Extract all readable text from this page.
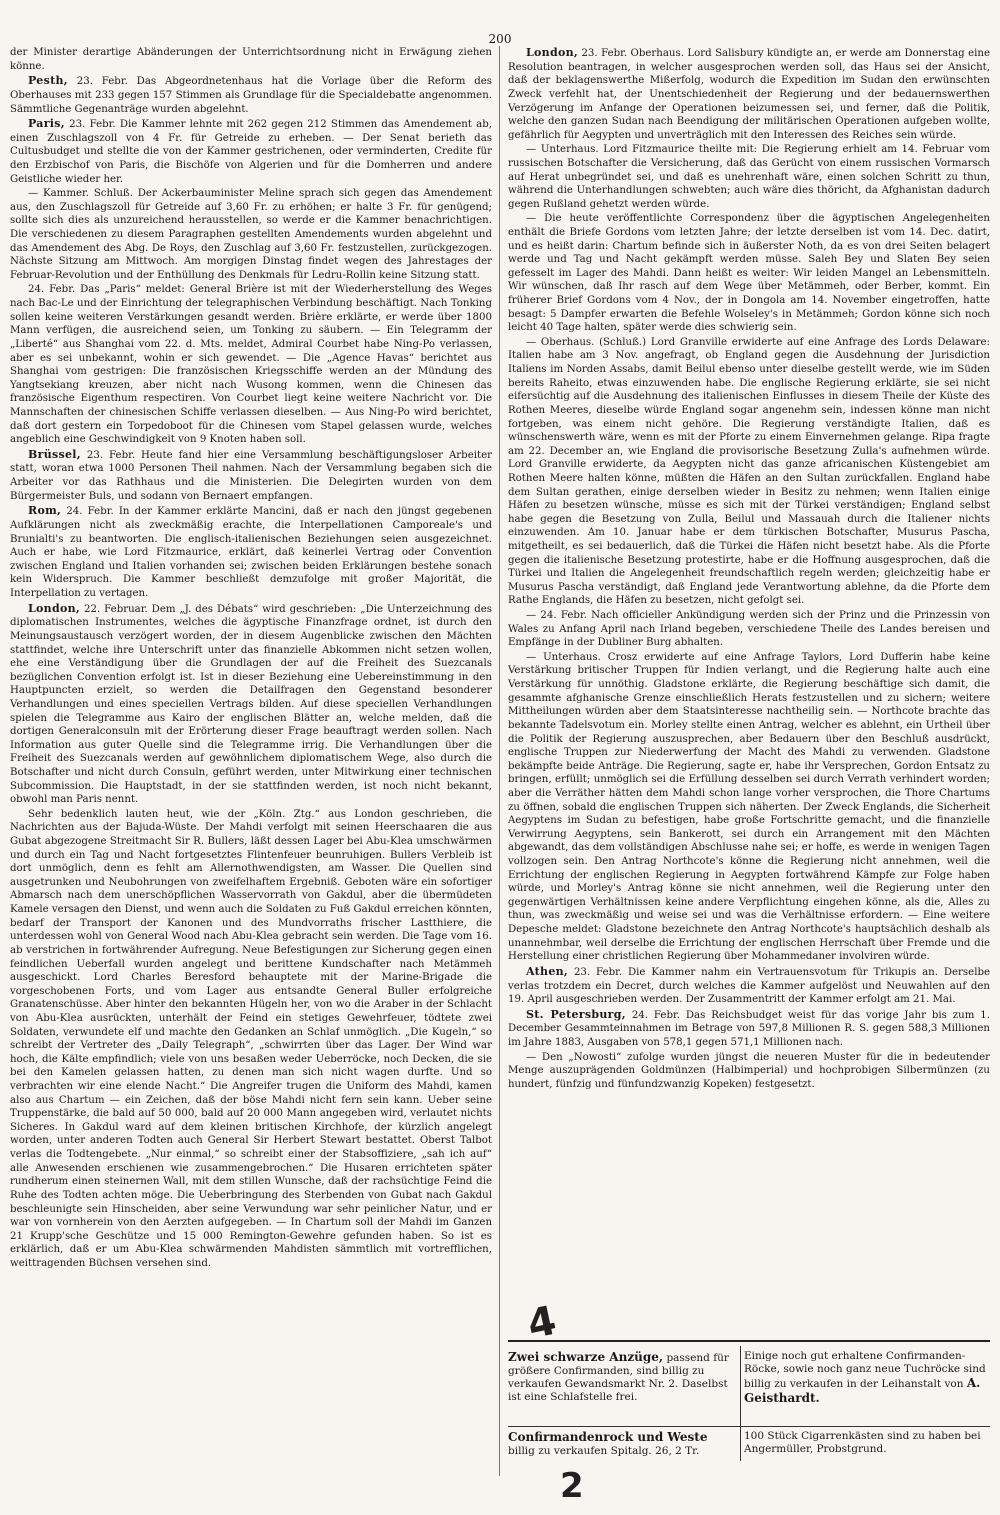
200

der Minister derartige Abänderungen der Unterrichtsordnung nicht in Erwägung ziehen könne.

Pesth, 23. Febr. Das Abgeordnetenhaus hat die Vorlage über die Reform des Oberhauses mit 233 gegen 157 Stimmen als Grundlage für die Specialdebatte angenommen. Sämmtliche Gegenanträge wurden abgelehnt.

Paris, 23. Febr. Die Kammer lehnte mit 262 gegen 212 Stimmen das Amendement ab, einen Zuschlagszoll von 4 Fr. für Getreide zu erheben. — Der Senat berieth das Cultusbudget und stellte die von der Kammer gestrichenen, oder verminderten, Credite für den Erzbischof von Paris, die Bischöfe von Algerien und für die Domherren und andere Geistliche wieder her.

— Kammer. Schluß. Der Ackerbauminister Meline sprach sich gegen das Amendement aus, den Zuschlagszoll für Getreide auf 3,60 Fr. zu erhöhen; er halte 3 Fr. für genügend; sollte sich dies als unzureichend herausstellen, so werde er die Kammer benachrichtigen. Die verschiedenen zu diesem Paragraphen gestellten Amendements wurden abgelehnt und das Amendement des Abg. De Roys, den Zuschlag auf 3,60 Fr. festzustellen, zurückgezogen. Nächste Sitzung am Mittwoch. Am morgigen Dinstag findet wegen des Jahrestages der Februar-Revolution und der Enthüllung des Denkmals für Ledru-Rollin keine Sitzung statt.

24. Febr. Das „Paris“ meldet: General Brière ist mit der Wiederherstellung des Weges nach Bac-Le und der Einrichtung der telegraphischen Verbindung beschäftigt. Nach Tonking sollen keine weiteren Verstärkungen gesandt werden. Brière erklärte, er werde über 1800 Mann verfügen, die ausreichend seien, um Tonking zu säubern. — Ein Telegramm der „Liberté“ aus Shanghai vom 22. d. Mts. meldet, Admiral Courbet habe Ning-Po verlassen, aber es sei unbekannt, wohin er sich gewendet. — Die „Agence Havas“ berichtet aus Shanghai vom gestrigen: Die französischen Kriegsschiffe werden an der Mündung des Yangtsekiang kreuzen, aber nicht nach Wusong kommen, wenn die Chinesen das französische Eigenthum respectiren. Von Courbet liegt keine weitere Nachricht vor. Die Mannschaften der chinesischen Schiffe verlassen dieselben. — Aus Ning-Po wird berichtet, daß dort gestern ein Torpedoboot für die Chinesen vom Stapel gelassen wurde, welches angeblich eine Geschwindigkeit von 9 Knoten haben soll.

Brüssel, 23. Febr. Heute fand hier eine Versammlung beschäftigungsloser Arbeiter statt, woran etwa 1000 Personen Theil nahmen. Nach der Versammlung begaben sich die Arbeiter vor das Rathhaus und die Ministerien. Die Delegirten wurden von dem Bürgermeister Buls, und sodann von Bernaert empfangen.

Rom, 24. Febr. In der Kammer erklärte Mancini, daß er nach den jüngst gegebenen Aufklärungen nicht als zweckmäßig erachte, die Interpellationen Camporeale's und Brunialti's zu beantworten. Die englisch-italienischen Beziehungen seien ausgezeichnet. Auch er habe, wie Lord Fitzmaurice, erklärt, daß keinerlei Vertrag oder Convention zwischen England und Italien vorhanden sei; zwischen beiden Erklärungen bestehe sonach kein Widerspruch. Die Kammer beschließt demzufolge mit großer Majorität, die Interpellation zu vertagen.

London, 22. Februar. Dem „J. des Débats“ wird geschrieben: „Die Unterzeichnung des diplomatischen Instrumentes, welches die ägyptische Finanzfrage ordnet, ist durch den Meinungsaustausch verzögert worden, der in diesem Augenblicke zwischen den Mächten stattfindet, welche ihre Unterschrift unter das finanzielle Abkommen nicht setzen wollen, ehe eine Verständigung über die Grundlagen der auf die Freiheit des Suezcanals bezüglichen Convention erfolgt ist. Ist in dieser Beziehung eine Uebereinstimmung in den Hauptpuncten erzielt, so werden die Detailfragen den Gegenstand besonderer Verhandlungen und eines speciellen Vertrags bilden. Auf diese speciellen Verhandlungen spielen die Telegramme aus Kairo der englischen Blätter an, welche melden, daß die dortigen Generalconsuln mit der Erörterung dieser Frage beauftragt werden sollen. Nach Information aus guter Quelle sind die Telegramme irrig. Die Verhandlungen über die Freiheit des Suezcanals werden auf gewöhnlichem diplomatischem Wege, also durch die Botschafter und nicht durch Consuln, geführt werden, unter Mitwirkung einer technischen Subcommission. Die Hauptstadt, in der sie stattfinden werden, ist noch nicht bekannt, obwohl man Paris nennt.

Sehr bedenklich lauten heut, wie der „Köln. Ztg.“ aus London geschrieben, die Nachrichten aus der Bajuda-Wüste. Der Mahdi verfolgt mit seinen Heerschaaren die aus Gubat abgezogene Streitmacht Sir R. Bullers, läßt dessen Lager bei Abu-Klea umschwärmen und durch ein Tag und Nacht fortgesetztes Flintenfeuer beunruhigen. Bullers Verbleib ist dort unmöglich, denn es fehlt am Allernothwendigsten, am Wasser. Die Quellen sind ausgetrunken und Neubohrungen von zweifelhaftem Ergebniß. Geboten wäre ein sofortiger Abmarsch nach dem unerschöpflichen Wasservorrath von Gakdul, aber die übermüdeten Kamele versagen den Dienst, und wenn auch die Soldaten zu Fuß Gakdul erreichen könnten, bedarf der Transport der Kanonen und des Mundvorraths frischer Lastthiere, die unterdessen wohl von General Wood nach Abu-Klea gebracht sein werden. Die Tage vom 16. ab verstrichen in fortwährender Aufregung. Neue Befestigungen zur Sicherung gegen einen feindlichen Ueberfall wurden angelegt und berittene Kundschafter nach Metämmeh ausgeschickt. Lord Charles Beresford behauptete mit der Marine-Brigade die vorgeschobenen Forts, und vom Lager aus entsandte General Buller erfolgreiche Granatenschüsse. Aber hinter den bekannten Hügeln her, von wo die Araber in der Schlacht von Abu-Klea ausrückten, unterhält der Feind ein stetiges Gewehrfeuer, tödtete zwei Soldaten, verwundete elf und machte den Gedanken an Schlaf unmöglich. „Die Kugeln,“ so schreibt der Vertreter des „Daily Telegraph“, „schwirrten über das Lager. Der Wind war hoch, die Kälte empfindlich; viele von uns besaßen weder Ueberröcke, noch Decken, die sie bei den Kamelen gelassen hatten, zu denen man sich nicht wagen durfte. Und so verbrachten wir eine elende Nacht.“ Die Angreifer trugen die Uniform des Mahdi, kamen also aus Chartum — ein Zeichen, daß der böse Mahdi nicht fern sein kann. Ueber seine Truppenstärke, die bald auf 50 000, bald auf 20 000 Mann angegeben wird, verlautet nichts Sicheres. In Gakdul ward auf dem kleinen britischen Kirchhofe, der kürzlich angelegt worden, unter anderen Todten auch General Sir Herbert Stewart bestattet. Oberst Talbot verlas die Todtengebete. „Nur einmal,“ so schreibt einer der Stabsoffiziere, „sah ich auf“ alle Anwesenden erschienen wie zusammengebrochen.“ Die Husaren errichteten später rundherum einen steinernen Wall, mit dem stillen Wunsche, daß der rachsüchtige Feind die Ruhe des Todten achten möge. Die Ueberbringung des Sterbenden von Gubat nach Gakdul beschleunigte sein Hinscheiden, aber seine Verwundung war sehr peinlicher Natur, und er war von vornherein von den Aerzten aufgegeben. — In Chartum soll der Mahdi im Ganzen 21 Krupp'sche Geschütze und 15 000 Remington-Gewehre gefunden haben. So ist es erklärlich, daß er um Abu-Klea schwärmenden Mahdisten sämmtlich mit vortrefflichen, weittragenden Büchsen versehen sind.

London, 23. Febr. Oberhaus. Lord Salisbury kündigte an, er werde am Donnerstag eine Resolution beantragen, in welcher ausgesprochen werden soll, das Haus sei der Ansicht, daß der beklagenswerthe Mißerfolg, wodurch die Expedition im Sudan den erwünschten Zweck verfehlt hat, der Unentschiedenheit der Regierung und der bedauernswerthen Verzögerung im Anfange der Operationen beizumessen sei, und ferner, daß die Politik, welche den ganzen Sudan nach Beendigung der militärischen Operationen aufgeben wollte, gefährlich für Aegypten und unverträglich mit den Interessen des Reiches sein würde.

— Unterhaus. Lord Fitzmaurice theilte mit: Die Regierung erhielt am 14. Februar vom russischen Botschafter die Versicherung, daß das Gerücht von einem russischen Vormarsch auf Herat unbegründet sei, und daß es unehrenhaft wäre, einen solchen Schritt zu thun, während die Unterhandlungen schwebten; auch wäre dies thöricht, da Afghanistan dadurch gegen Rußland gehetzt werden würde.

— Die heute veröffentlichte Correspondenz über die ägyptischen Angelegenheiten enthält die Briefe Gordons vom letzten Jahre; der letzte derselben ist vom 14. Dec. datirt, und es heißt darin: Chartum befinde sich in äußerster Noth, da es von drei Seiten belagert werde und Tag und Nacht gekämpft werden müsse. Saleh Bey und Slaten Bey seien gefesselt im Lager des Mahdi. Dann heißt es weiter: Wir leiden Mangel an Lebensmitteln. Wir wünschen, daß Ihr rasch auf dem Wege über Metämmeh, oder Berber, kommt. Ein früherer Brief Gordons vom 4 Nov., der in Dongola am 14. November eingetroffen, hatte besagt: 5 Dampfer erwarten die Befehle Wolseley's in Metämmeh; Gordon könne sich noch leicht 40 Tage halten, später werde dies schwierig sein.

— Oberhaus. (Schluß.) Lord Granville erwiderte auf eine Anfrage des Lords Delaware: Italien habe am 3 Nov. angefragt, ob England gegen die Ausdehnung der Jurisdiction Italiens im Norden Assabs, damit Beilul ebenso unter dieselbe gestellt werde, wie im Süden bereits Raheito, etwas einzuwenden habe. Die englische Regierung erklärte, sie sei nicht eifersüchtig auf die Ausdehnung des italienischen Einflusses in diesem Theile der Küste des Rothen Meeres, dieselbe würde England sogar angenehm sein, indessen könne man nicht fortgeben, was einem nicht gehöre. Die Regierung verständigte Italien, daß es wünschenswerth wäre, wenn es mit der Pforte zu einem Einvernehmen gelange. Ripa fragte am 22. December an, wie England die provisorische Besetzung Zulla's aufnehmen würde. Lord Granville erwiderte, da Aegypten nicht das ganze africanischen Küstengebiet am Rothen Meere halten könne, müßten die Häfen an den Sultan zurückfallen. England habe dem Sultan gerathen, einige derselben wieder in Besitz zu nehmen; wenn Italien einige Häfen zu besetzen wünsche, müsse es sich mit der Türkei verständigen; England selbst habe gegen die Besetzung von Zulla, Beilul und Massauah durch die Italiener nichts einzuwenden. Am 10. Januar habe er dem türkischen Botschafter, Musurus Pascha, mitgetheilt, es sei bedauerlich, daß die Türkei die Häfen nicht besetzt habe. Als die Pforte gegen die italienische Besetzung protestirte, habe er die Hoffnung ausgesprochen, daß die Türkei und Italien die Angelegenheit freundschaftlich regeln werden; gleichzeitig habe er Musurus Pascha verständigt, daß England jede Verantwortung ablehne, da die Pforte dem Rathe Englands, die Häfen zu besetzen, nicht gefolgt sei.

— 24. Febr. Nach officieller Ankündigung werden sich der Prinz und die Prinzessin von Wales zu Anfang April nach Irland begeben, verschiedene Theile des Landes bereisen und Empfänge in der Dubliner Burg abhalten.

— Unterhaus. Crosz erwiderte auf eine Anfrage Taylors, Lord Dufferin habe keine Verstärkung britischer Truppen für Indien verlangt, und die Regierung halte auch eine Verstärkung für unnöthig. Gladstone erklärte, die Regierung beschäftige sich damit, die gesammte afghanische Grenze einschließlich Herats festzustellen und zu sichern; weitere Mittheilungen würden aber dem Staatsinteresse nachtheilig sein. — Northcote brachte das bekannte Tadelsvotum ein. Morley stellte einen Antrag, welcher es ablehnt, ein Urtheil über die Politik der Regierung auszusprechen, aber Bedauern über den Beschluß ausdrückt, englische Truppen zur Niederwerfung der Macht des Mahdi zu verwenden. Gladstone bekämpfte beide Anträge. Die Regierung, sagte er, habe ihr Versprechen, Gordon Entsatz zu bringen, erfüllt; unmöglich sei die Erfüllung desselben sei durch Verrath verhindert worden; aber die Verräther hätten dem Mahdi schon lange vorher versprochen, die Thore Chartums zu öffnen, sobald die englischen Truppen sich näherten. Der Zweck Englands, die Sicherheit Aegyptens im Sudan zu befestigen, habe große Fortschritte gemacht, und die finanzielle Verwirrung Aegyptens, sein Bankerott, sei durch ein Arrangement mit den Mächten abgewandt, das dem vollständigen Abschlusse nahe sei; er hoffe, es werde in wenigen Tagen vollzogen sein. Den Antrag Northcote's könne die Regierung nicht annehmen, weil die Errichtung der englischen Regierung in Aegypten fortwährend Kämpfe zur Folge haben würde, und Morley's Antrag könne sie nicht annehmen, weil die Regierung unter den gegenwärtigen Verhältnissen keine andere Verpflichtung eingehen könne, als die, Alles zu thun, was zweckmäßig und weise sei und was die Verhältnisse erfordern. — Eine weitere Depesche meldet: Gladstone bezeichnete den Antrag Northcote's hauptsächlich deshalb als unannehmbar, weil derselbe die Errichtung der englischen Herrschaft über Fremde und die Herstellung einer christlichen Regierung über Mohammedaner involviren würde.

Athen, 23. Febr. Die Kammer nahm ein Vertrauensvotum für Trikupis an. Derselbe verlas trotzdem ein Decret, durch welches die Kammer aufgelöst und Neuwahlen auf den 19. April ausgeschrieben werden. Der Zusammentritt der Kammer erfolgt am 21. Mai.

St. Petersburg, 24. Febr. Das Reichsbudget weist für das vorige Jahr bis zum 1. December Gesammteinnahmen im Betrage von 597,8 Millionen R. S. gegen 588,3 Millionen im Jahre 1883, Ausgaben von 578,1 gegen 571,1 Millionen nach.

— Den „Nowosti“ zufolge wurden jüngst die neueren Muster für die in bedeutender Menge auszuprägenden Goldmünzen (Halbimperial) und hochprobigen Silbermünzen (zu hundert, fünfzig und fünfundzwanzig Kopeken) festgesetzt.

Zwei schwarze Anzüge, passend für größere Confirmanden, sind billig zu verkaufen Gewandsmarkt Nr. 2. Daselbst ist eine Schlafstelle frei.
Einige noch gut erhaltene Confirmanden-Röcke, sowie noch ganz neue Tuchröcke sind billig zu verkaufen in der Leihanstalt von A. Geisthardt.
Confirmandenrock und Weste billig zu verkaufen Spitalg. 26, 2 Tr.
100 Stück Cigarrenkästen sind zu haben bei Angermüller, Probstgrund.
4
2
